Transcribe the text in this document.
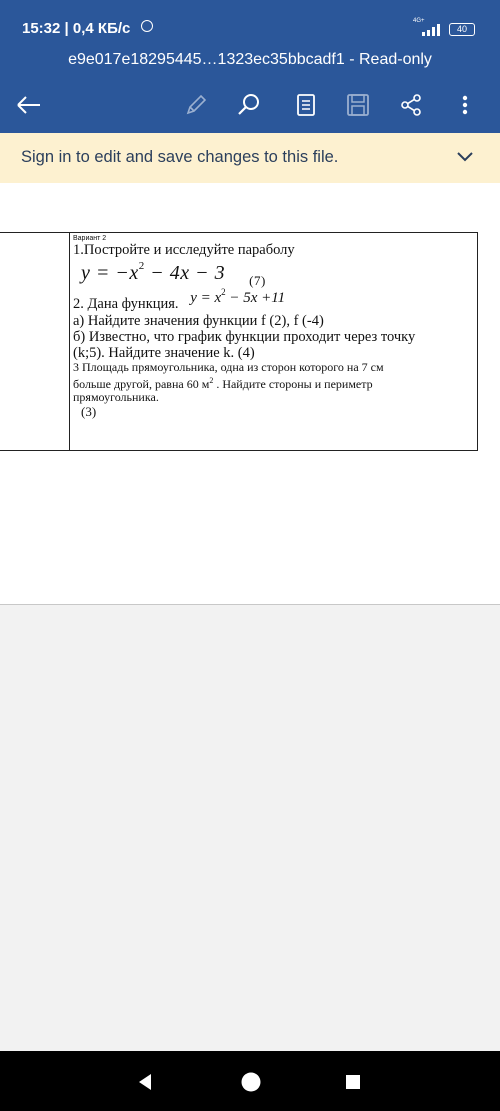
15:32 | 0,4 КБ/с	4G+
40
e9e017e18295445…1323ec35bbcadf1 - Read-only
Sign in to edit and save changes to this file.
Вариант 2
1.Постройте и исследуйте параболу
$y = -x^2 - 4x - 3$ $_{(7)}$
2. Дана функция. $y = x^2 - 5x +11$
а) Найдите значения функции f (2), f (-4)
б) Известно, что график функции проходит через точку
(k;5). Найдите значение k. (4)
3 Площадь прямоугольника, одна из сторон которого на 7 см
больше другой, равна 60 $м^2$ . Найдите стороны и периметр
прямоугольника.
(3)
